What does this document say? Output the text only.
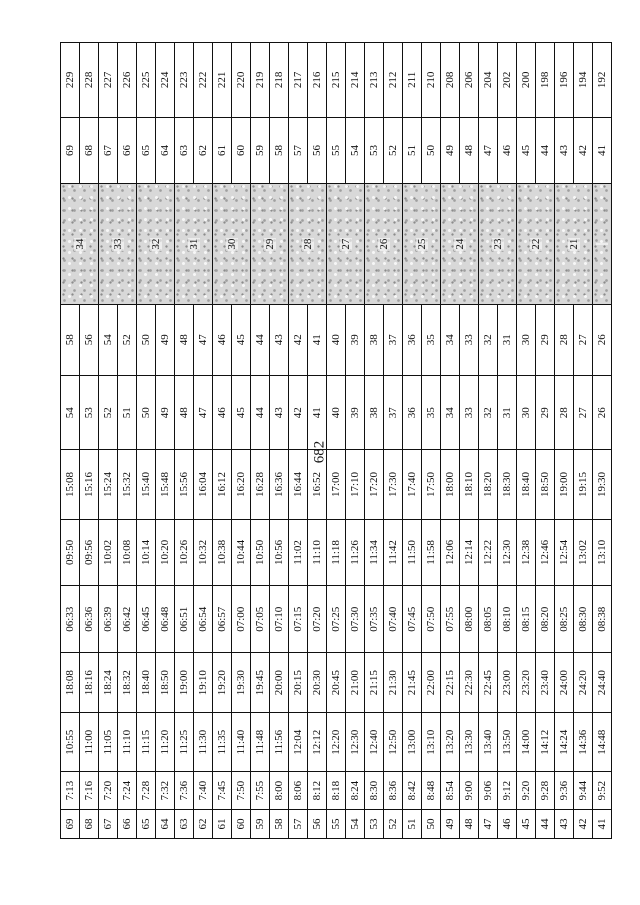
682
69	7:13	10:55	18:08	06:33	09:50	15:08	54	58	34	69	229
68	7:16	11:00	18:16	06:36	09:56	15:16	53	56		68	228
67	7:20	11:05	18:24	06:39	10:02	15:24	52	54	33	67	227
66	7:24	11:10	18:32	06:42	10:08	15:32	51	52		66	226
65	7:28	11:15	18:40	06:45	10:14	15:40	50	50	32	65	225
64	7:32	11:20	18:50	06:48	10:20	15:48	49	49		64	224
63	7:36	11:25	19:00	06:51	10:26	15:56	48	48	31	63	223
62	7:40	11:30	19:10	06:54	10:32	16:04	47	47		62	222
61	7:45	11:35	19:20	06:57	10:38	16:12	46	46	30	61	221
60	7:50	11:40	19:30	07:00	10:44	16:20	45	45		60	220
59	7:55	11:48	19:45	07:05	10:50	16:28	44	44	29	59	219
58	8:00	11:56	20:00	07:10	10:56	16:36	43	43		58	218
57	8:06	12:04	20:15	07:15	11:02	16:44	42	42	28	57	217
56	8:12	12:12	20:30	07:20	11:10	16:52	41	41		56	216
55	8:18	12:20	20:45	07:25	11:18	17:00	40	40	27	55	215
54	8:24	12:30	21:00	07:30	11:26	17:10	39	39		54	214
53	8:30	12:40	21:15	07:35	11:34	17:20	38	38	26	53	213
52	8:36	12:50	21:30	07:40	11:42	17:30	37	37		52	212
51	8:42	13:00	21:45	07:45	11:50	17:40	36	36	25	51	211
50	8:48	13:10	22:00	07:50	11:58	17:50	35	35		50	210
49	8:54	13:20	22:15	07:55	12:06	18:00	34	34	24	49	208
48	9:00	13:30	22:30	08:00	12:14	18:10	33	33		48	206
47	9:06	13:40	22:45	08:05	12:22	18:20	32	32	23	47	204
46	9:12	13:50	23:00	08:10	12:30	18:30	31	31		46	202
45	9:20	14:00	23:20	08:15	12:38	18:40	30	30	22	45	200
44	9:28	14:12	23:40	08:20	12:46	18:50	29	29		44	198
43	9:36	14:24	24:00	08:25	12:54	19:00	28	28	21	43	196
42	9:44	14:36	24:20	08:30	13:02	19:15	27	27		42	194
41	9:52	14:48	24:40	08:38	13:10	19:30	26	26		41	192
